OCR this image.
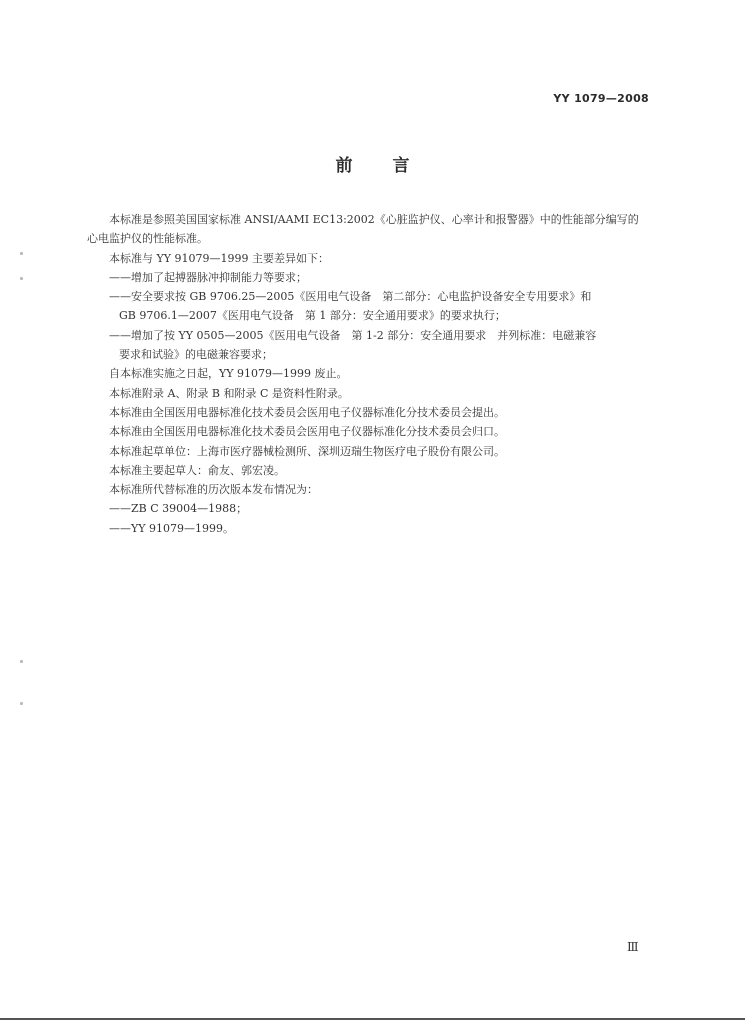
YY 1079—2008
前 言

本标准是参照美国国家标准 ANSI/AAMI EC13:2002《心脏监护仪、心率计和报警器》中的性能部分编写的心电监护仪的性能标准。

本标准与 YY 91079—1999 主要差异如下：

——增加了起搏器脉冲抑制能力等要求；

——安全要求按 GB 9706.25—2005《医用电气设备　第二部分：心电监护设备安全专用要求》和

GB 9706.1—2007《医用电气设备　第 1 部分：安全通用要求》的要求执行；

——增加了按 YY 0505—2005《医用电气设备　第 1-2 部分：安全通用要求　并列标准：电磁兼容

要求和试验》的电磁兼容要求；

自本标准实施之日起，YY 91079—1999 废止。

本标准附录 A、附录 B 和附录 C 是资料性附录。

本标准由全国医用电器标准化技术委员会医用电子仪器标准化分技术委员会提出。

本标准由全国医用电器标准化技术委员会医用电子仪器标准化分技术委员会归口。

本标准起草单位：上海市医疗器械检测所、深圳迈瑞生物医疗电子股份有限公司。

本标准主要起草人：俞友、郭宏凌。

本标准所代替标准的历次版本发布情况为：

——ZB C 39004—1988；

——YY 91079—1999。

Ⅲ
